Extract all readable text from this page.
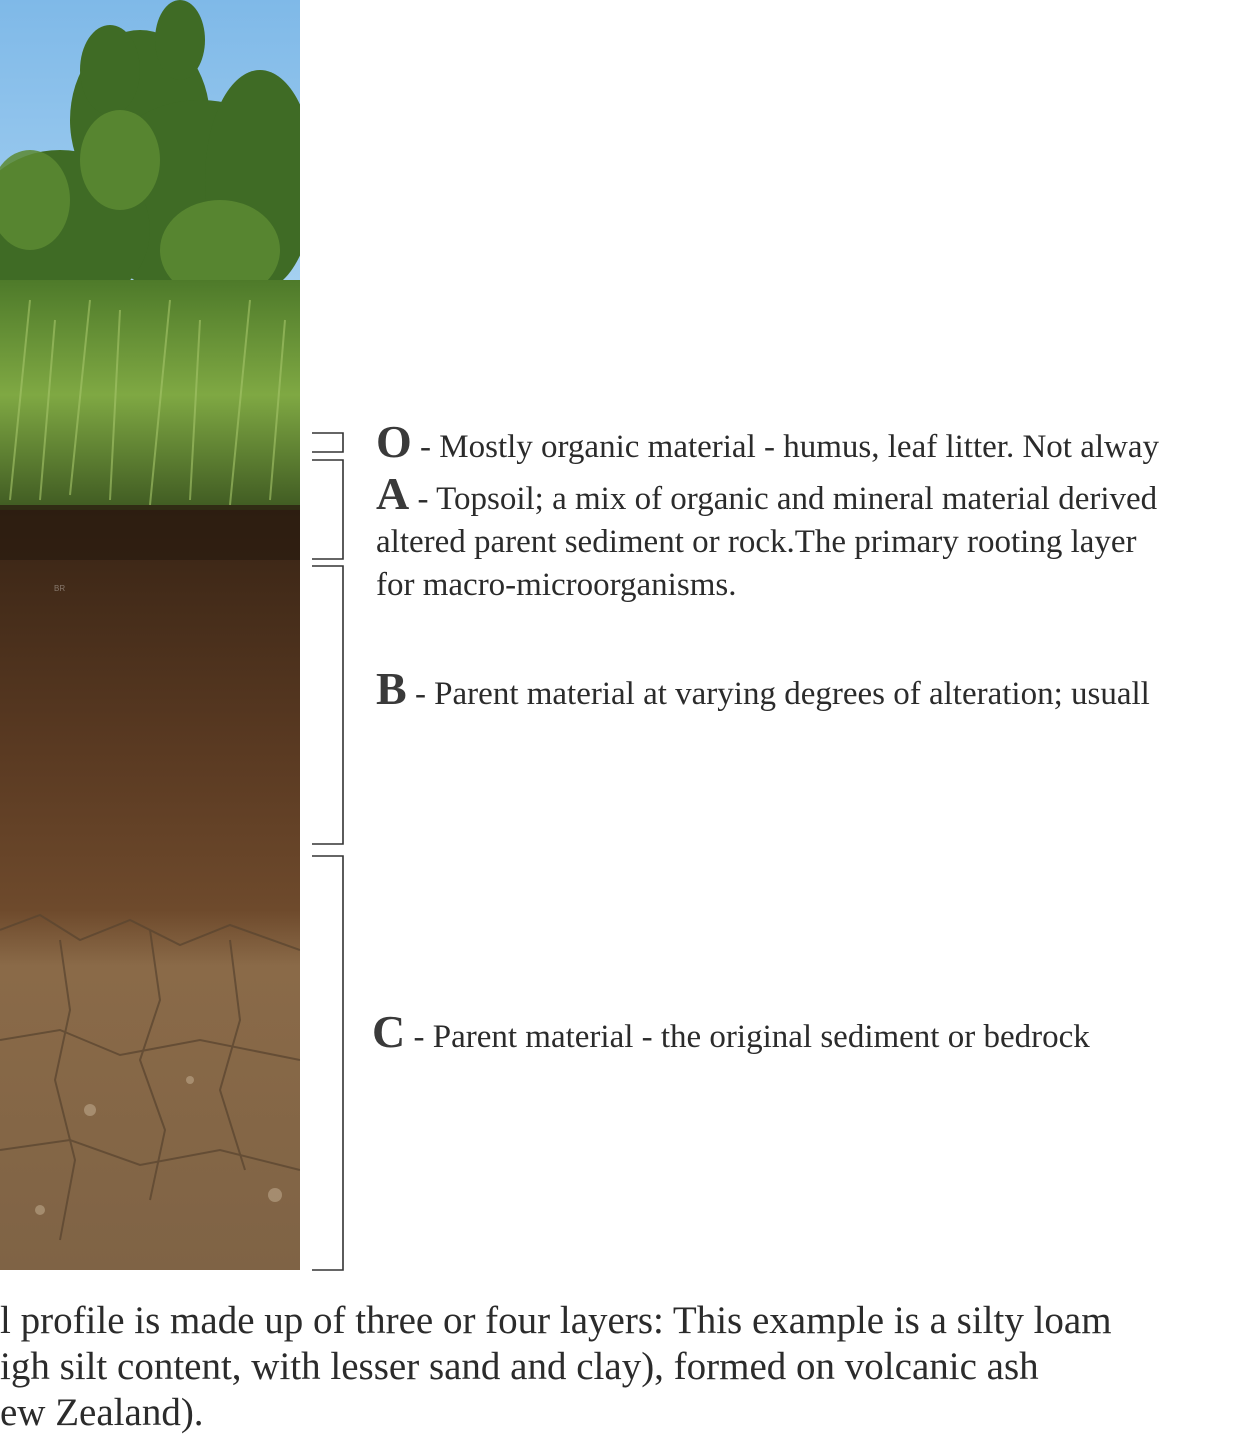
BR
O - Mostly organic material - humus, leaf litter. Not alway
A - Topsoil; a mix of organic and mineral material derived
altered parent sediment or rock.The primary rooting layer
for macro-microorganisms.
B - Parent material at varying degrees of alteration; usuall
C - Parent material - the original sediment or bedrock
l profile is made up of three or four layers: This example is a silty loam
igh silt content, with lesser sand and clay), formed on volcanic ash
ew Zealand).
